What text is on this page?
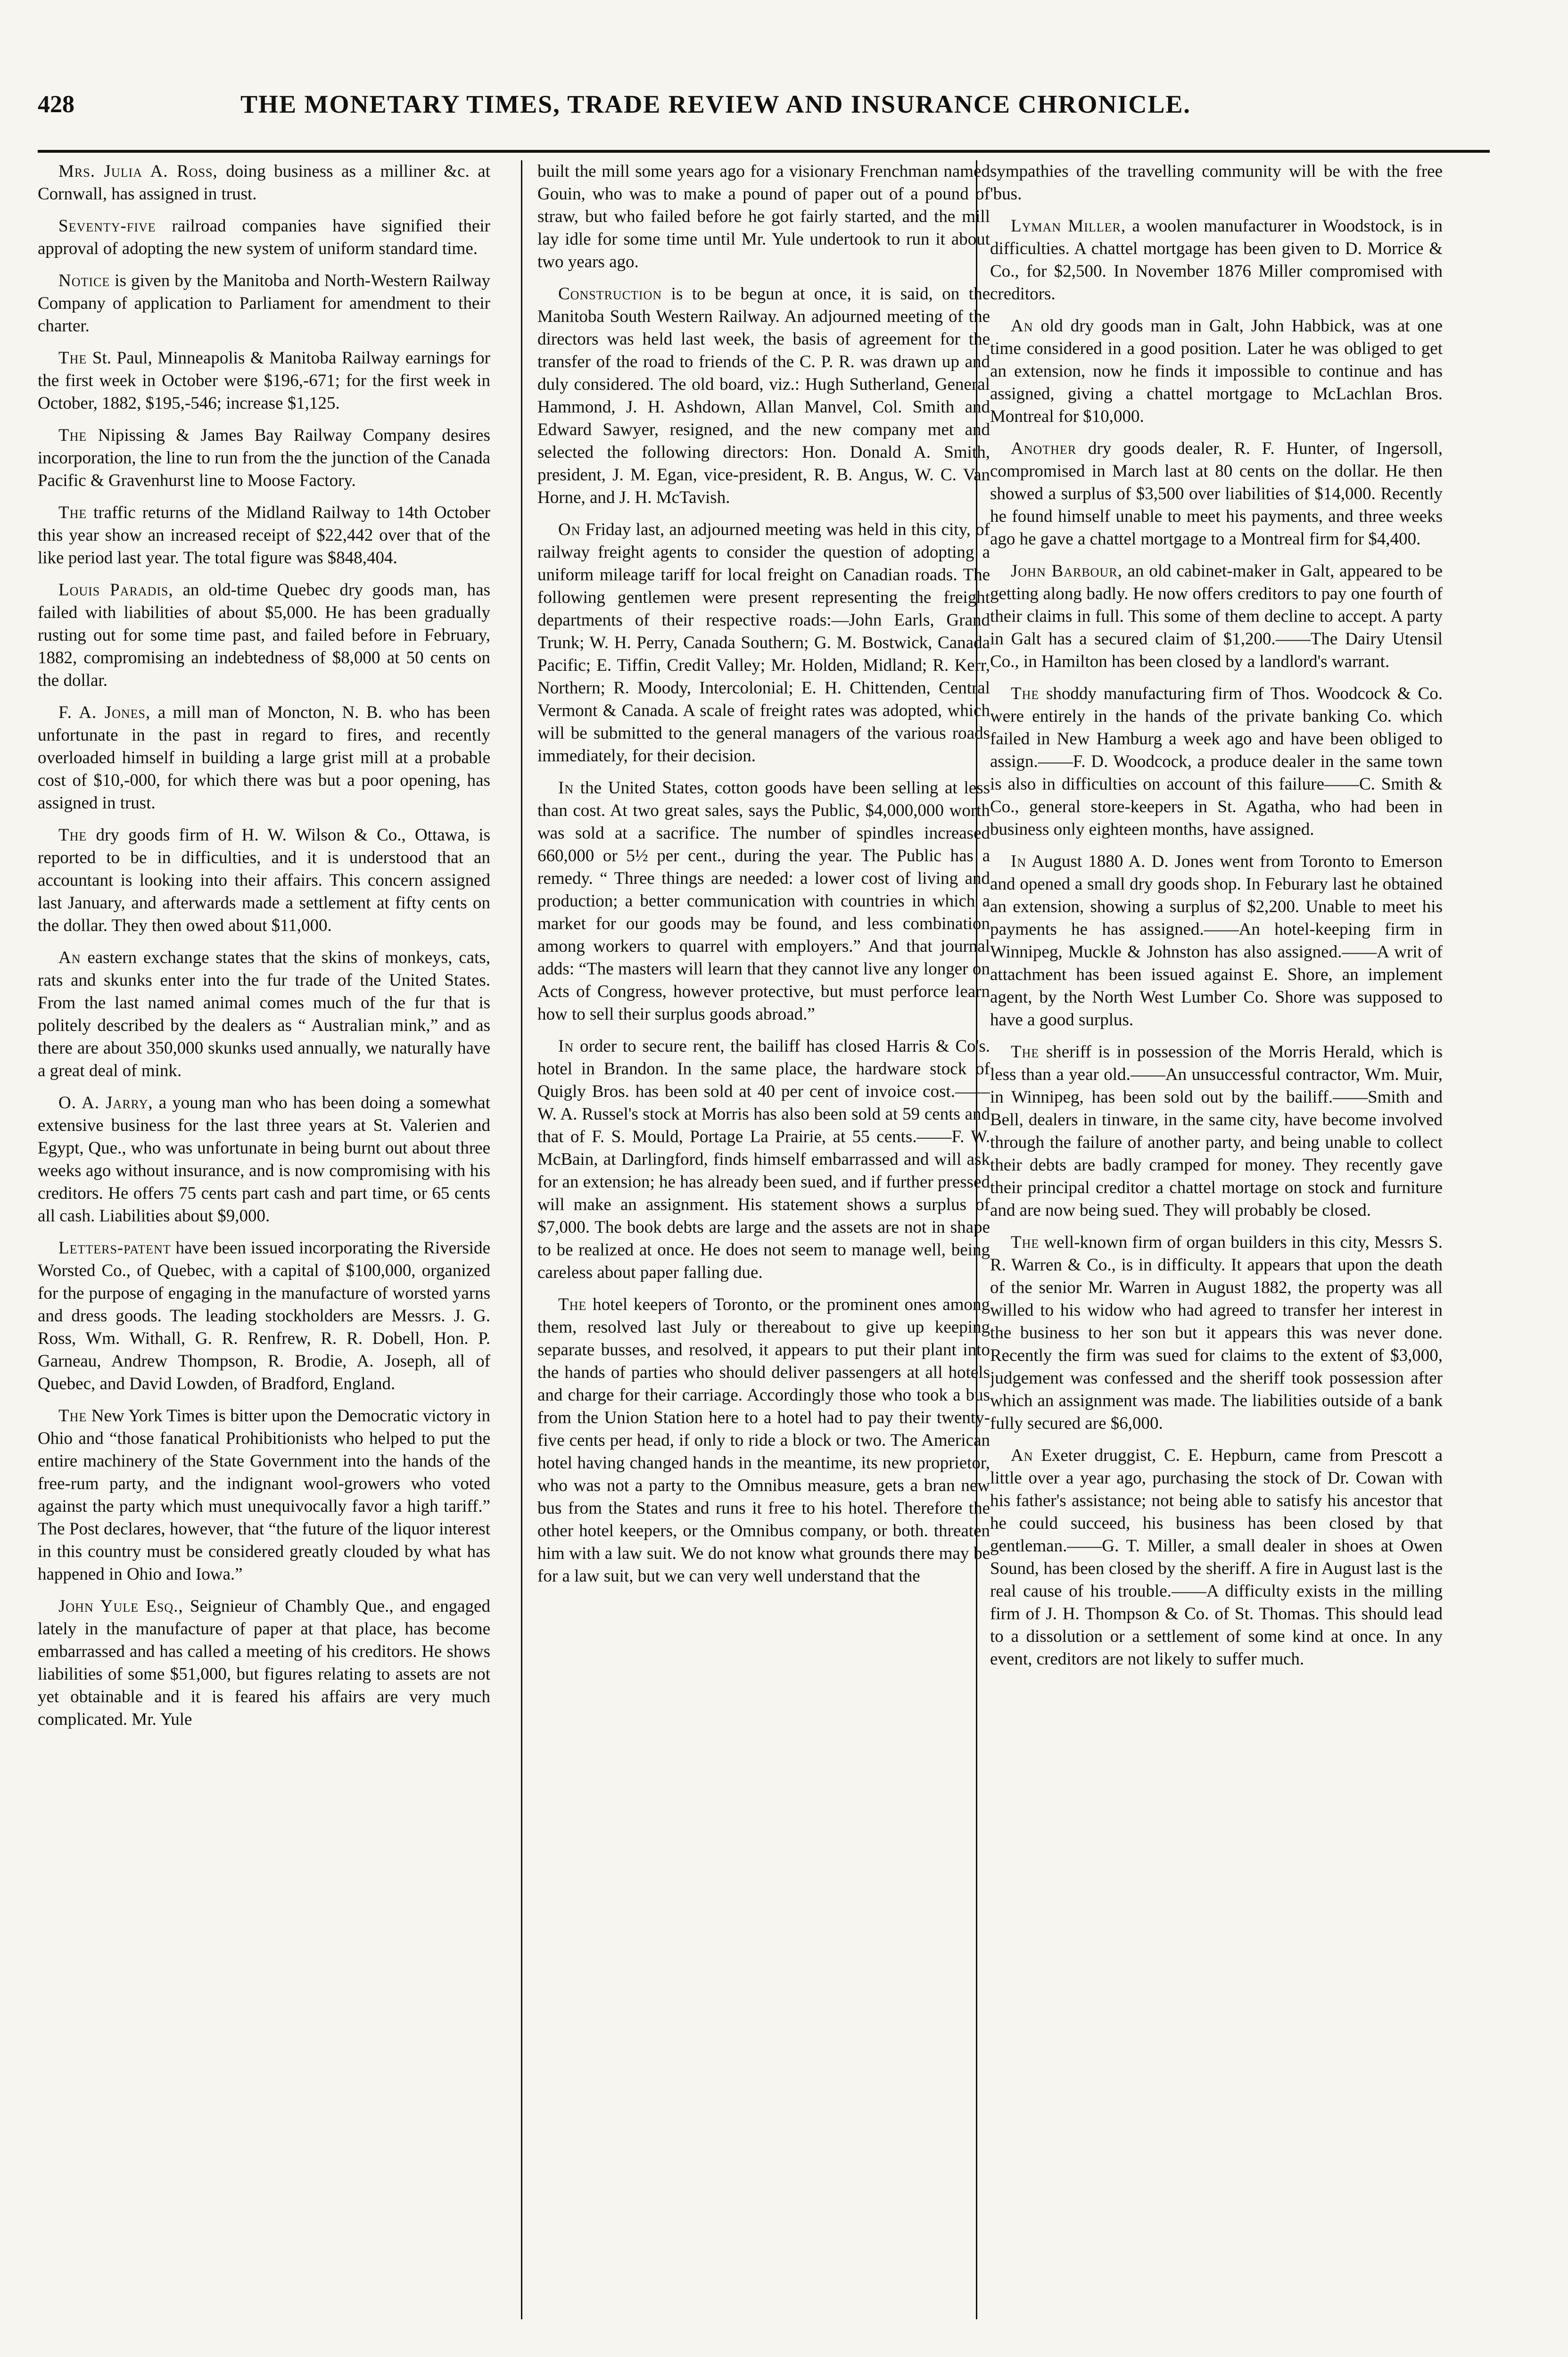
428	THE MONETARY TIMES, TRADE REVIEW AND INSURANCE CHRONICLE.

Mrs. Julia A. Ross, doing business as a milliner &c. at Cornwall, has assigned in trust.

Seventy-five railroad companies have signified their approval of adopting the new system of uniform standard time.

Notice is given by the Manitoba and North-Western Railway Company of application to Parliament for amendment to their charter.

The St. Paul, Minneapolis & Manitoba Railway earnings for the first week in October were $196,-671; for the first week in October, 1882, $195,-546; increase $1,125.

The Nipissing & James Bay Railway Company desires incorporation, the line to run from the the junction of the Canada Pacific & Gravenhurst line to Moose Factory.

The traffic returns of the Midland Railway to 14th October this year show an increased receipt of $22,442 over that of the like period last year. The total figure was $848,404.

Louis Paradis, an old-time Quebec dry goods man, has failed with liabilities of about $5,000. He has been gradually rusting out for some time past, and failed before in February, 1882, compromising an indebtedness of $8,000 at 50 cents on the dollar.

F. A. Jones, a mill man of Moncton, N. B. who has been unfortunate in the past in regard to fires, and recently overloaded himself in building a large grist mill at a probable cost of $10,-000, for which there was but a poor opening, has assigned in trust.

The dry goods firm of H. W. Wilson & Co., Ottawa, is reported to be in difficulties, and it is understood that an accountant is looking into their affairs. This concern assigned last January, and afterwards made a settlement at fifty cents on the dollar. They then owed about $11,000.

An eastern exchange states that the skins of monkeys, cats, rats and skunks enter into the fur trade of the United States. From the last named animal comes much of the fur that is politely described by the dealers as “ Australian mink,” and as there are about 350,000 skunks used annually, we naturally have a great deal of mink.

O. A. Jarry, a young man who has been doing a somewhat extensive business for the last three years at St. Valerien and Egypt, Que., who was unfortunate in being burnt out about three weeks ago without insurance, and is now compromising with his creditors. He offers 75 cents part cash and part time, or 65 cents all cash. Liabilities about $9,000.

Letters-patent have been issued incorporating the Riverside Worsted Co., of Quebec, with a capital of $100,000, organized for the purpose of engaging in the manufacture of worsted yarns and dress goods. The leading stockholders are Messrs. J. G. Ross, Wm. Withall, G. R. Renfrew, R. R. Dobell, Hon. P. Garneau, Andrew Thompson, R. Brodie, A. Joseph, all of Quebec, and David Lowden, of Bradford, England.

The New York Times is bitter upon the Democratic victory in Ohio and “those fanatical Prohibitionists who helped to put the entire machinery of the State Government into the hands of the free-rum party, and the indignant wool-growers who voted against the party which must unequivocally favor a high tariff.” The Post declares, however, that “the future of the liquor interest in this country must be considered greatly clouded by what has happened in Ohio and Iowa.”

John Yule Esq., Seignieur of Chambly Que., and engaged lately in the manufacture of paper at that place, has become embarrassed and has called a meeting of his creditors. He shows liabilities of some $51,000, but figures relating to assets are not yet obtainable and it is feared his affairs are very much complicated. Mr. Yule

built the mill some years ago for a visionary Frenchman named Gouin, who was to make a pound of paper out of a pound of straw, but who failed before he got fairly started, and the mill lay idle for some time until Mr. Yule undertook to run it about two years ago.

Construction is to be begun at once, it is said, on the Manitoba South Western Railway. An adjourned meeting of the directors was held last week, the basis of agreement for the transfer of the road to friends of the C. P. R. was drawn up and duly considered. The old board, viz.: Hugh Sutherland, General Hammond, J. H. Ashdown, Allan Manvel, Col. Smith and Edward Sawyer, resigned, and the new company met and selected the following directors: Hon. Donald A. Smith, president, J. M. Egan, vice-president, R. B. Angus, W. C. Van Horne, and J. H. McTavish.

On Friday last, an adjourned meeting was held in this city, of railway freight agents to consider the question of adopting a uniform mileage tariff for local freight on Canadian roads. The following gentlemen were present representing the freight departments of their respective roads:—John Earls, Grand Trunk; W. H. Perry, Canada Southern; G. M. Bostwick, Canada Pacific; E. Tiffin, Credit Valley; Mr. Holden, Midland; R. Kerr, Northern; R. Moody, Intercolonial; E. H. Chittenden, Central Vermont & Canada. A scale of freight rates was adopted, which will be submitted to the general managers of the various roads immediately, for their decision.

In the United States, cotton goods have been selling at less than cost. At two great sales, says the Public, $4,000,000 worth was sold at a sacrifice. The number of spindles increased 660,000 or 5½ per cent., during the year. The Public has a remedy. “ Three things are needed: a lower cost of living and production; a better communication with countries in which a market for our goods may be found, and less combination among workers to quarrel with employers.” And that journal adds: “The masters will learn that they cannot live any longer on Acts of Congress, however protective, but must perforce learn how to sell their surplus goods abroad.”

In order to secure rent, the bailiff has closed Harris & Co's. hotel in Brandon. In the same place, the hardware stock of Quigly Bros. has been sold at 40 per cent of invoice cost.——W. A. Russel's stock at Morris has also been sold at 59 cents and that of F. S. Mould, Portage La Prairie, at 55 cents.——F. W. McBain, at Darlingford, finds himself embarrassed and will ask for an extension; he has already been sued, and if further pressed will make an assignment. His statement shows a surplus of $7,000. The book debts are large and the assets are not in shape to be realized at once. He does not seem to manage well, being careless about paper falling due.

The hotel keepers of Toronto, or the prominent ones among them, resolved last July or thereabout to give up keeping separate busses, and resolved, it appears to put their plant into the hands of parties who should deliver passengers at all hotels and charge for their carriage. Accordingly those who took a bus from the Union Station here to a hotel had to pay their twenty-five cents per head, if only to ride a block or two. The American hotel having changed hands in the meantime, its new proprietor, who was not a party to the Omnibus measure, gets a bran new bus from the States and runs it free to his hotel. Therefore the other hotel keepers, or the Omnibus company, or both. threaten him with a law suit. We do not know what grounds there may be for a law suit, but we can very well understand that the

sympathies of the travelling community will be with the free 'bus.

Lyman Miller, a woolen manufacturer in Woodstock, is in difficulties. A chattel mortgage has been given to D. Morrice & Co., for $2,500. In November 1876 Miller compromised with creditors.

An old dry goods man in Galt, John Habbick, was at one time considered in a good position. Later he was obliged to get an extension, now he finds it impossible to continue and has assigned, giving a chattel mortgage to McLachlan Bros. Montreal for $10,000.

Another dry goods dealer, R. F. Hunter, of Ingersoll, compromised in March last at 80 cents on the dollar. He then showed a surplus of $3,500 over liabilities of $14,000. Recently he found himself unable to meet his payments, and three weeks ago he gave a chattel mortgage to a Montreal firm for $4,400.

John Barbour, an old cabinet-maker in Galt, appeared to be getting along badly. He now offers creditors to pay one fourth of their claims in full. This some of them decline to accept. A party in Galt has a secured claim of $1,200.——The Dairy Utensil Co., in Hamilton has been closed by a landlord's warrant.

The shoddy manufacturing firm of Thos. Woodcock & Co. were entirely in the hands of the private banking Co. which failed in New Hamburg a week ago and have been obliged to assign.——F. D. Woodcock, a produce dealer in the same town is also in difficulties on account of this failure——C. Smith & Co., general store-keepers in St. Agatha, who had been in business only eighteen months, have assigned.

In August 1880 A. D. Jones went from Toronto to Emerson and opened a small dry goods shop. In Feburary last he obtained an extension, showing a surplus of $2,200. Unable to meet his payments he has assigned.——An hotel-keeping firm in Winnipeg, Muckle & Johnston has also assigned.——A writ of attachment has been issued against E. Shore, an implement agent, by the North West Lumber Co. Shore was supposed to have a good surplus.

The sheriff is in possession of the Morris Herald, which is less than a year old.——An unsuccessful contractor, Wm. Muir, in Winnipeg, has been sold out by the bailiff.——Smith and Bell, dealers in tinware, in the same city, have become involved through the failure of another party, and being unable to collect their debts are badly cramped for money. They recently gave their principal creditor a chattel mortage on stock and furniture and are now being sued. They will probably be closed.

The well-known firm of organ builders in this city, Messrs S. R. Warren & Co., is in difficulty. It appears that upon the death of the senior Mr. Warren in August 1882, the property was all willed to his widow who had agreed to transfer her interest in the business to her son but it appears this was never done. Recently the firm was sued for claims to the extent of $3,000, judgement was confessed and the sheriff took possession after which an assignment was made. The liabilities outside of a bank fully secured are $6,000.

An Exeter druggist, C. E. Hepburn, came from Prescott a little over a year ago, purchasing the stock of Dr. Cowan with his father's assistance; not being able to satisfy his ancestor that he could succeed, his business has been closed by that gentleman.——G. T. Miller, a small dealer in shoes at Owen Sound, has been closed by the sheriff. A fire in August last is the real cause of his trouble.——A difficulty exists in the milling firm of J. H. Thompson & Co. of St. Thomas. This should lead to a dissolution or a settlement of some kind at once. In any event, creditors are not likely to suffer much.
